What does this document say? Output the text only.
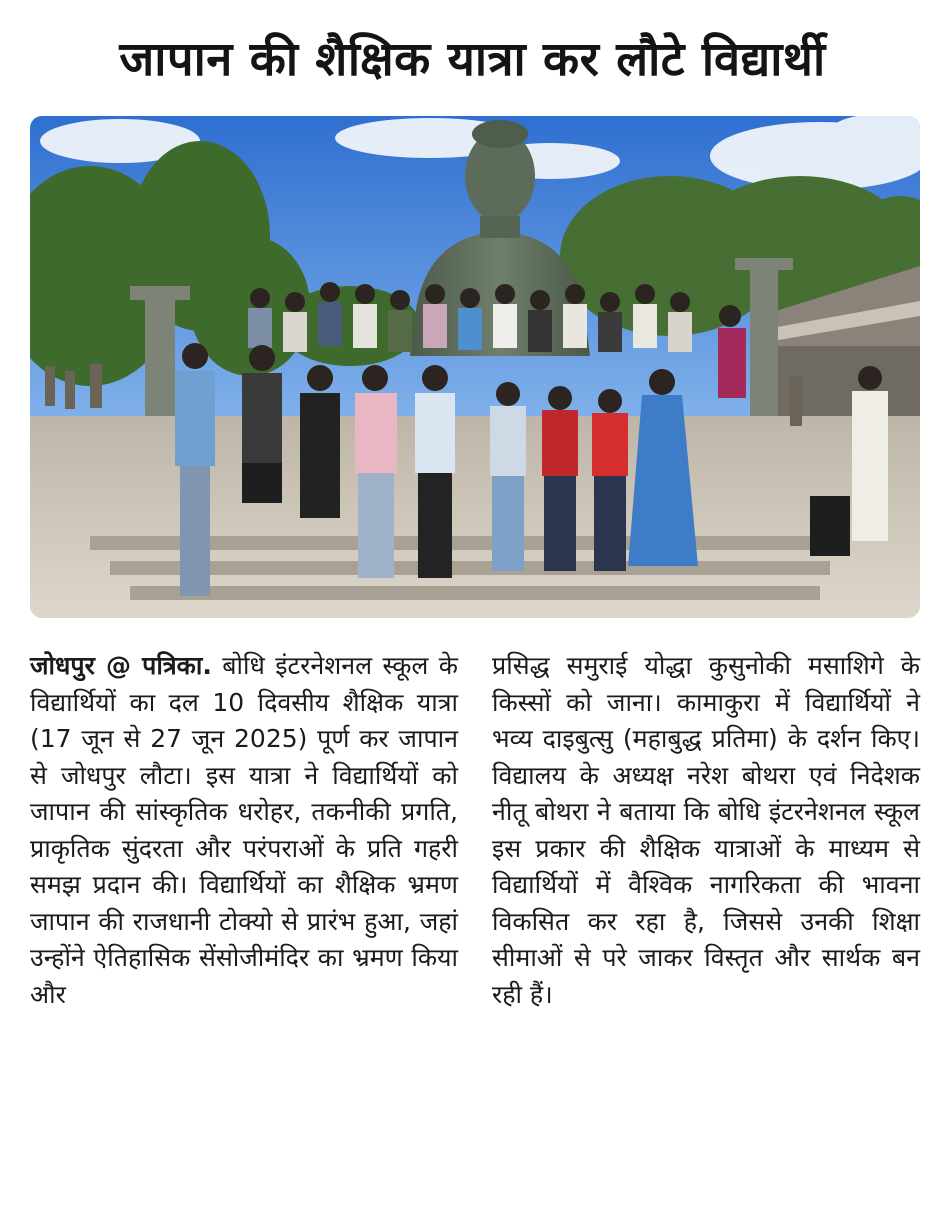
जापान की शैक्षिक यात्रा कर लौटे विद्यार्थी

जोधपुर @ पत्रिका. बोधि इंटरनेशनल स्कूल के विद्यार्थियों का दल 10 दिवसीय शैक्षिक यात्रा (17 जून से 27 जून 2025) पूर्ण कर जापान से जोधपुर लौटा। इस यात्रा ने विद्यार्थियों को जापान की सांस्कृतिक धरोहर, तकनीकी प्रगति, प्राकृतिक सुंदरता और परंपराओं के प्रति गहरी समझ प्रदान की। विद्यार्थियों का शैक्षिक भ्रमण जापान की राजधानी टोक्यो से प्रारंभ हुआ, जहां उन्होंने ऐतिहासिक सेंसोजीमंदिर का भ्रमण किया और

प्रसिद्ध समुराई योद्धा कुसुनोकी मसाशिगे के किस्सों को जाना। कामाकुरा में विद्यार्थियों ने भव्य दाइबुत्सु (महाबुद्ध प्रतिमा) के दर्शन किए। विद्यालय के अध्यक्ष नरेश बोथरा एवं निदेशक नीतू बोथरा ने बताया कि बोधि इंटरनेशनल स्कूल इस प्रकार की शैक्षिक यात्राओं के माध्यम से विद्यार्थियों में वैश्विक नागरिकता की भावना विकसित कर रहा है, जिससे उनकी शिक्षा सीमाओं से परे जाकर विस्तृत और सार्थक बन रही हैं।
